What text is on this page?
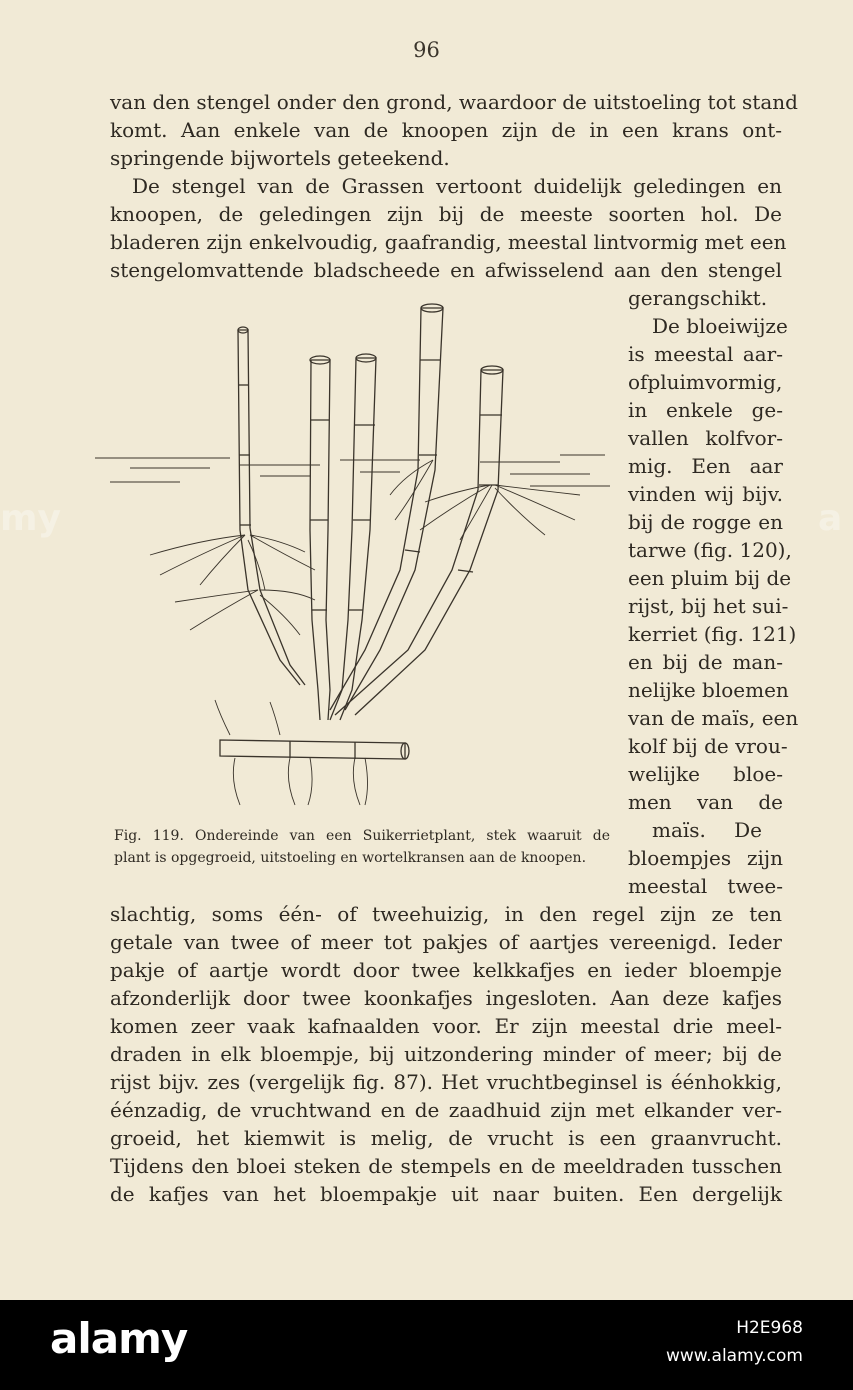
96
van den stengel onder den grond, waardoor de uitstoeling tot stand
komt. Aan enkele van de knoopen zijn de in een krans ont-
springende bijwortels geteekend.
De stengel van de Grassen vertoont duidelijk geledingen en
knoopen, de geledingen zijn bij de meeste soorten hol. De
bladeren zijn enkelvoudig, gaafrandig, meestal lintvormig met een
stengelomvattende bladscheede en afwisselend aan den stengel
gerangschikt.
De bloeiwijze
is meestal aar-
ofpluimvormig,
in enkele ge-
vallen kolfvor-
mig. Een aar
vinden wij bijv.
bij de rogge en
tarwe (fig. 120),
een pluim bij de
rijst, bij het sui-
kerriet (fig. 121)
en bij de man-
nelijke bloemen
van de maïs, een
kolf bij de vrou-
welijke bloe-
men van de
maïs. De
bloempjes zijn
meestal twee-
Fig. 119. Ondereinde van een Suikerrietplant, stek waaruit de
plant is opgegroeid, uitstoeling en wortelkransen aan de knoopen.
slachtig, soms één- of tweehuizig, in den regel zijn ze ten
getale van twee of meer tot pakjes of aartjes vereenigd. Ieder
pakje of aartje wordt door twee kelkkafjes en ieder bloempje
afzonderlijk door twee koonkafjes ingesloten. Aan deze kafjes
komen zeer vaak kafnaalden voor. Er zijn meestal drie meel-
draden in elk bloempje, bij uitzondering minder of meer; bij de
rijst bijv. zes (vergelijk fig. 87). Het vruchtbeginsel is éénhokkig,
éénzadig, de vruchtwand en de zaadhuid zijn met elkander ver-
groeid, het kiemwit is melig, de vrucht is een graanvrucht.
Tijdens den bloei steken de stempels en de meeldraden tusschen
de kafjes van het bloempakje uit naar buiten. Een dergelijk
my	a
alamy	H2E968
www.alamy.com
